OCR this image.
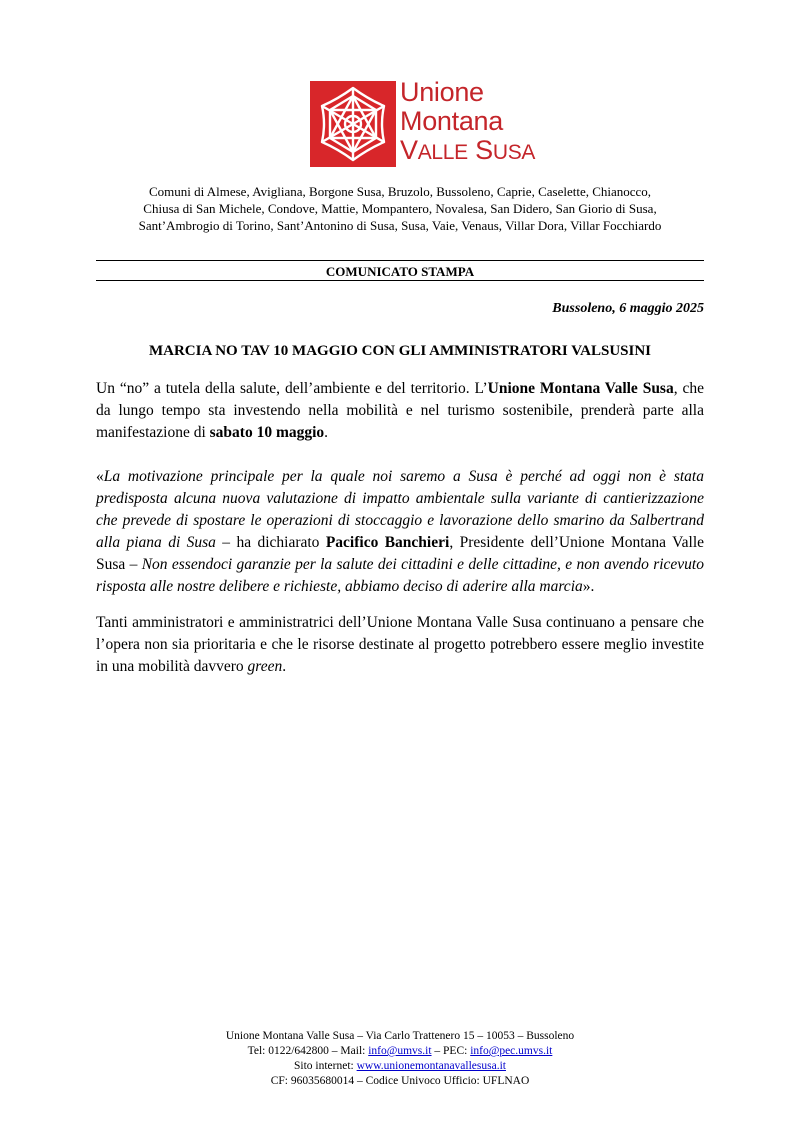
Unione
Montana
VALLE SUSA
Comuni di Almese, Avigliana, Borgone Susa, Bruzolo, Bussoleno, Caprie, Caselette, Chianocco,
Chiusa di San Michele, Condove, Mattie, Mompantero, Novalesa, San Didero, San Giorio di Susa,
Sant’Ambrogio di Torino, Sant’Antonino di Susa, Susa, Vaie, Venaus, Villar Dora, Villar Focchiardo
COMUNICATO STAMPA
Bussoleno, 6 maggio 2025
MARCIA NO TAV 10 MAGGIO CON GLI AMMINISTRATORI VALSUSINI

Un “no” a tutela della salute, dell’ambiente e del territorio. L’Unione Montana Valle Susa, che da lungo tempo sta investendo nella mobilità e nel turismo sostenibile, prenderà parte alla manifestazione di sabato 10 maggio.

«La motivazione principale per la quale noi saremo a Susa è perché ad oggi non è stata predisposta alcuna nuova valutazione di impatto ambientale sulla variante di cantierizzazione che prevede di spostare le operazioni di stoccaggio e lavorazione dello smarino da Salbertrand alla piana di Susa – ha dichiarato Pacifico Banchieri, Presidente dell’Unione Montana Valle Susa – Non essendoci garanzie per la salute dei cittadini e delle cittadine, e non avendo ricevuto risposta alle nostre delibere e richieste, abbiamo deciso di aderire alla marcia».

Tanti amministratori e amministratrici dell’Unione Montana Valle Susa continuano a pensare che l’opera non sia prioritaria e che le risorse destinate al progetto potrebbero essere meglio investite in una mobilità davvero green.

Unione Montana Valle Susa – Via Carlo Trattenero 15 – 10053 – Bussoleno
Tel: 0122/642800 – Mail: info@umvs.it – PEC: info@pec.umvs.it
Sito internet: www.unionemontanavallesusa.it
CF: 96035680014 – Codice Univoco Ufficio: UFLNAO
